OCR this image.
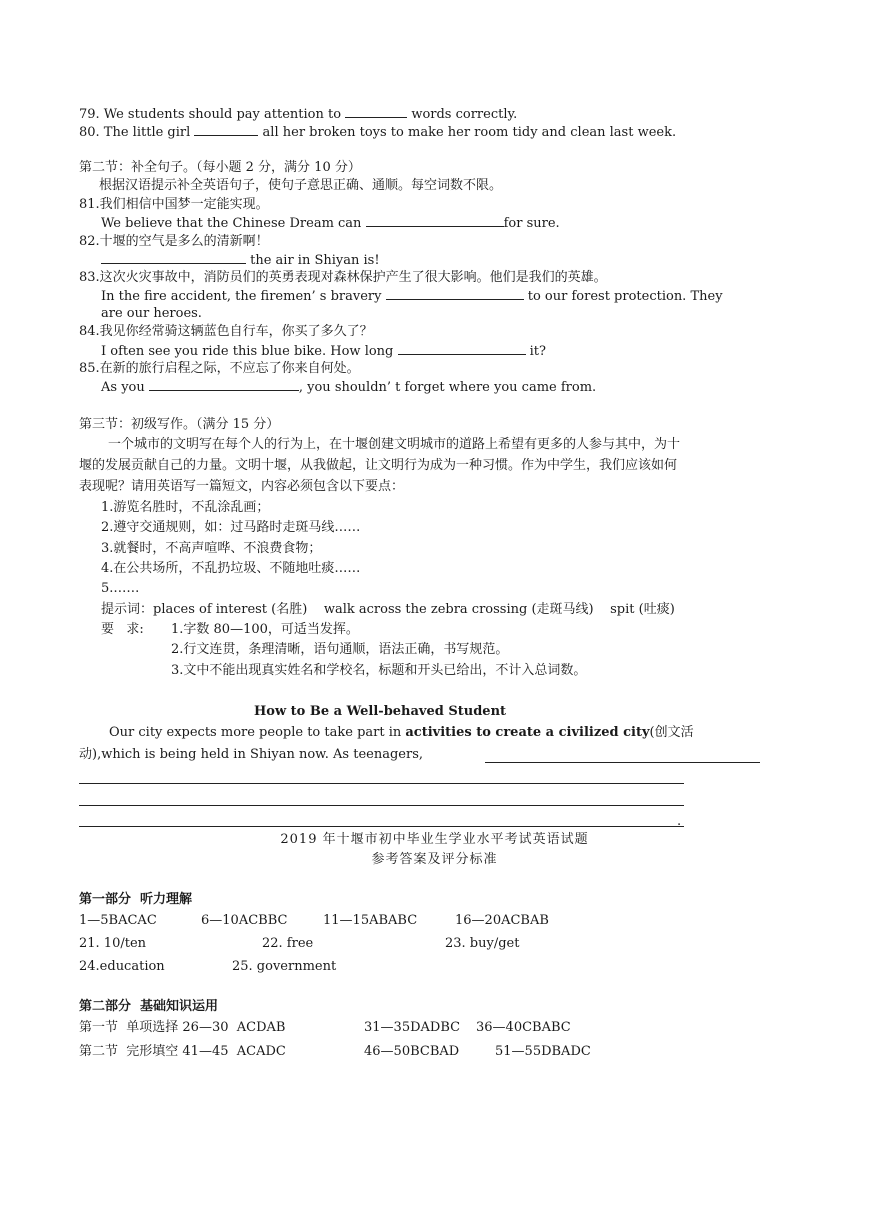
79. We students should pay attention to	words correctly.
80. The little girl	all her broken toys to make her room tidy and clean last week.
第二节：补全句子。（每小题 2 分，满分 10 分）
根据汉语提示补全英语句子，使句子意思正确、通顺。每空词数不限。
81.我们相信中国梦一定能实现。
We believe that the Chinese Dream can	for sure.
82.十堰的空气是多么的清新啊！
the air in Shiyan is!
83.这次火灾事故中，消防员们的英勇表现对森林保护产生了很大影响。他们是我们的英雄。
In the fire accident, the firemen’ s bravery	to our forest protection. They
are our heroes.
84.我见你经常骑这辆蓝色自行车，你买了多久了？
I often see you ride this blue bike. How long	it?
85.在新的旅行启程之际，不应忘了你来自何处。
As you	, you shouldn’ t forget where you came from.
第三节：初级写作。（满分 15 分）
一个城市的文明写在每个人的行为上，在十堰创建文明城市的道路上希望有更多的人参与其中，为十
堰的发展贡献自己的力量。文明十堰，从我做起，让文明行为成为一种习惯。作为中学生，我们应该如何
表现呢？请用英语写一篇短文，内容必须包含以下要点：
1.游览名胜时，不乱涂乱画；
2.遵守交通规则，如：过马路时走斑马线……
3.就餐时，不高声喧哗、不浪费食物；
4.在公共场所，不乱扔垃圾、不随地吐痰……
5.……
提示词：places of interest (名胜)    walk across the zebra crossing (走斑马线)    spit (吐痰)
要   求: 1.字数 80—100，可适当发挥。
2.行文连贯，条理清晰，语句通顺，语法正确，书写规范。
3.文中不能出现真实姓名和学校名，标题和开头已给出，不计入总词数。
How to Be a Well-behaved Student
Our city expects more people to take part in activities to create a civilized city(创文活
动),which is being held in Shiyan now. As teenagers,
.
2019 年十堰市初中毕业生学业水平考试英语试题
参考答案及评分标准
第一部分  听力理解
1—5BACAC	6—10ACBBC	11—15ABABC	16—20ACBAB
21. 10/ten	22. free	23. buy/get
24.education	25. government
第二部分  基础知识运用
第一节  单项选择 26—30  ACDAB	31—35DADBC 36—40CBABC
第二节  完形填空 41—45  ACADC	46—50BCBAD	51—55DBADC
